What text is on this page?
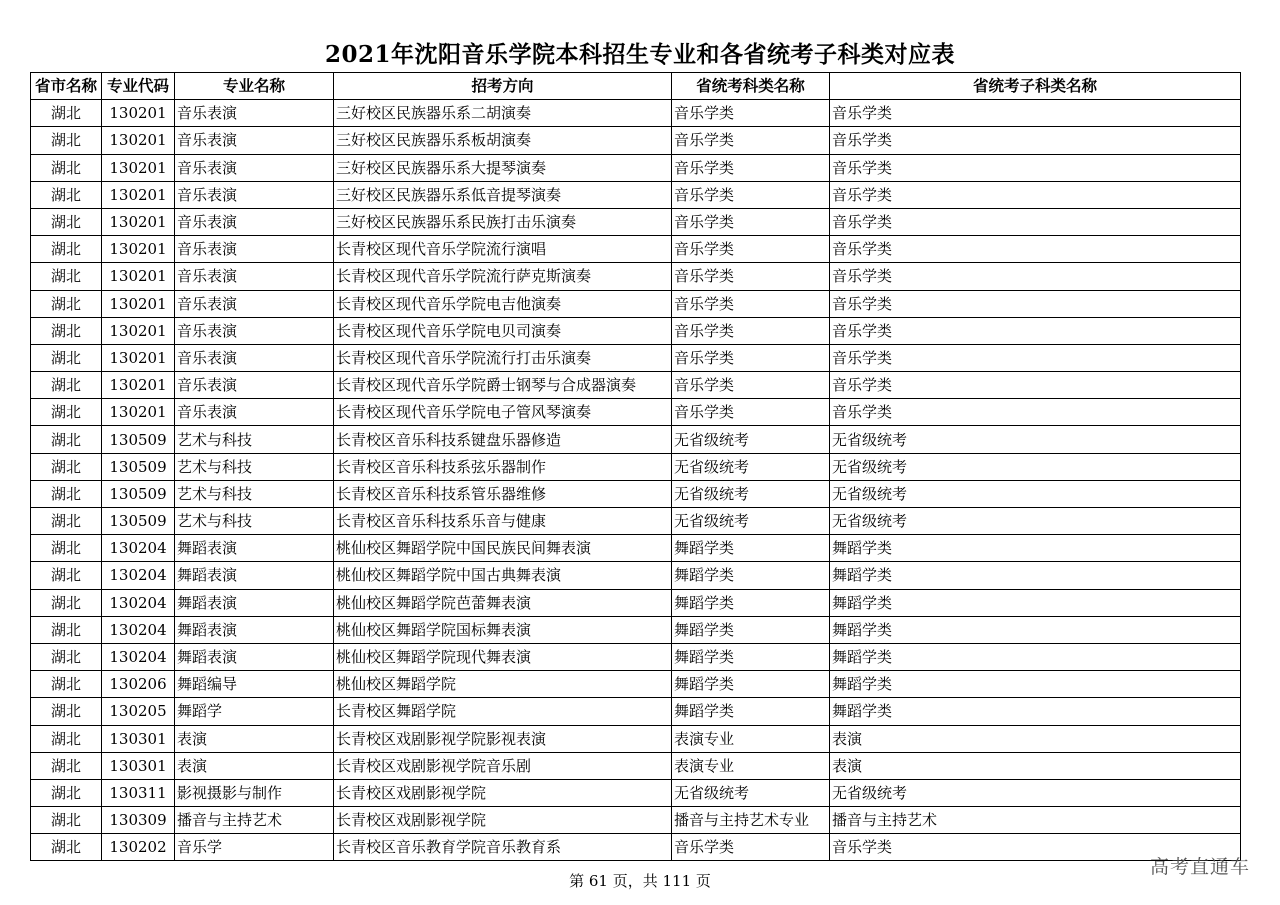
2021年沈阳音乐学院本科招生专业和各省统考子科类对应表
省市名称	专业代码	专业名称	招考方向	省统考科类名称	省统考子科类名称
湖北	130201	音乐表演	三好校区民族器乐系二胡演奏	音乐学类	音乐学类
湖北	130201	音乐表演	三好校区民族器乐系板胡演奏	音乐学类	音乐学类
湖北	130201	音乐表演	三好校区民族器乐系大提琴演奏	音乐学类	音乐学类
湖北	130201	音乐表演	三好校区民族器乐系低音提琴演奏	音乐学类	音乐学类
湖北	130201	音乐表演	三好校区民族器乐系民族打击乐演奏	音乐学类	音乐学类
湖北	130201	音乐表演	长青校区现代音乐学院流行演唱	音乐学类	音乐学类
湖北	130201	音乐表演	长青校区现代音乐学院流行萨克斯演奏	音乐学类	音乐学类
湖北	130201	音乐表演	长青校区现代音乐学院电吉他演奏	音乐学类	音乐学类
湖北	130201	音乐表演	长青校区现代音乐学院电贝司演奏	音乐学类	音乐学类
湖北	130201	音乐表演	长青校区现代音乐学院流行打击乐演奏	音乐学类	音乐学类
湖北	130201	音乐表演	长青校区现代音乐学院爵士钢琴与合成器演奏	音乐学类	音乐学类
湖北	130201	音乐表演	长青校区现代音乐学院电子管风琴演奏	音乐学类	音乐学类
湖北	130509	艺术与科技	长青校区音乐科技系键盘乐器修造	无省级统考	无省级统考
湖北	130509	艺术与科技	长青校区音乐科技系弦乐器制作	无省级统考	无省级统考
湖北	130509	艺术与科技	长青校区音乐科技系管乐器维修	无省级统考	无省级统考
湖北	130509	艺术与科技	长青校区音乐科技系乐音与健康	无省级统考	无省级统考
湖北	130204	舞蹈表演	桃仙校区舞蹈学院中国民族民间舞表演	舞蹈学类	舞蹈学类
湖北	130204	舞蹈表演	桃仙校区舞蹈学院中国古典舞表演	舞蹈学类	舞蹈学类
湖北	130204	舞蹈表演	桃仙校区舞蹈学院芭蕾舞表演	舞蹈学类	舞蹈学类
湖北	130204	舞蹈表演	桃仙校区舞蹈学院国标舞表演	舞蹈学类	舞蹈学类
湖北	130204	舞蹈表演	桃仙校区舞蹈学院现代舞表演	舞蹈学类	舞蹈学类
湖北	130206	舞蹈编导	桃仙校区舞蹈学院	舞蹈学类	舞蹈学类
湖北	130205	舞蹈学	长青校区舞蹈学院	舞蹈学类	舞蹈学类
湖北	130301	表演	长青校区戏剧影视学院影视表演	表演专业	表演
湖北	130301	表演	长青校区戏剧影视学院音乐剧	表演专业	表演
湖北	130311	影视摄影与制作	长青校区戏剧影视学院	无省级统考	无省级统考
湖北	130309	播音与主持艺术	长青校区戏剧影视学院	播音与主持艺术专业	播音与主持艺术
湖北	130202	音乐学	长青校区音乐教育学院音乐教育系	音乐学类	音乐学类
第 61 页，共 111 页
高考直通车
